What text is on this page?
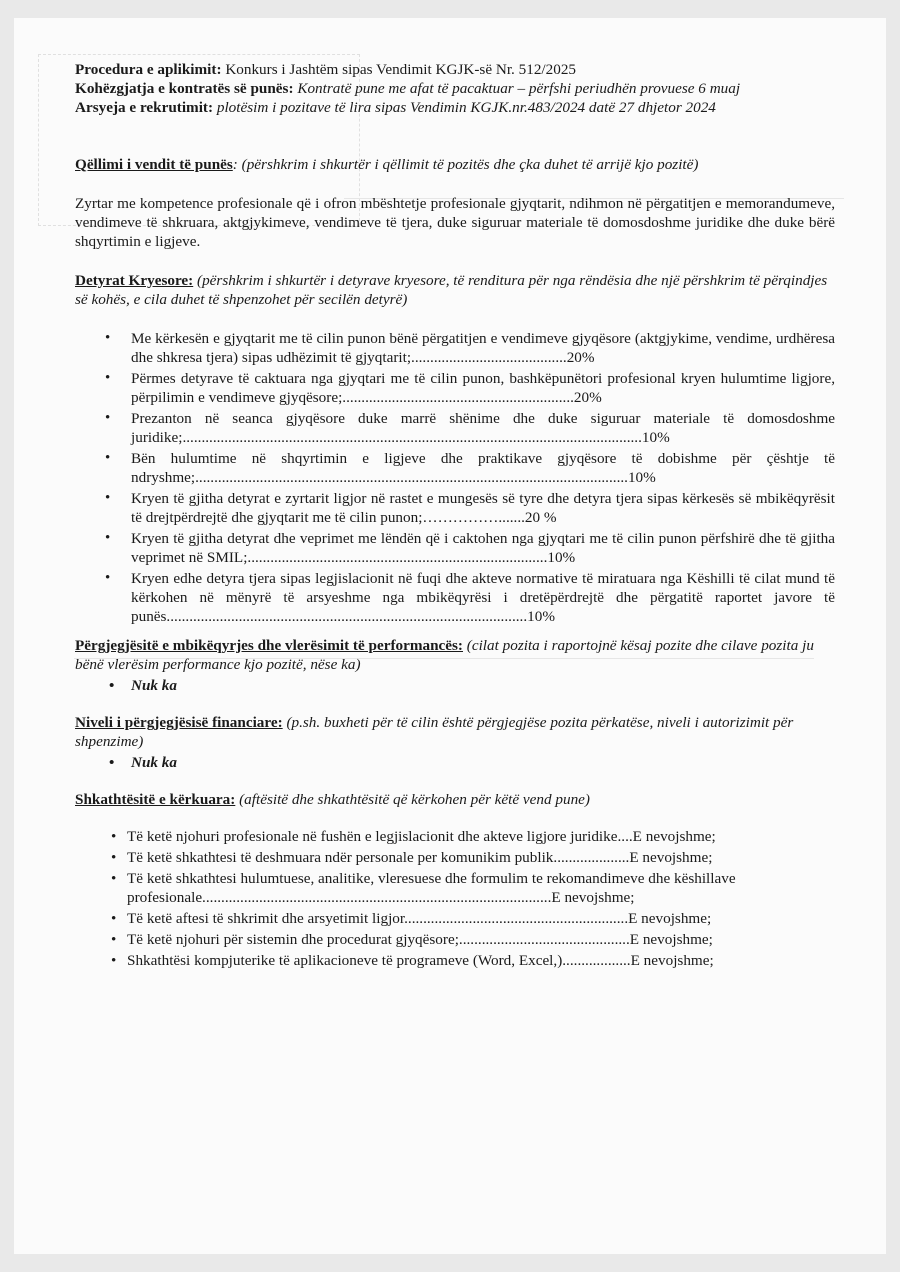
Procedura e aplikimit: Konkurs i Jashtëm sipas Vendimit KGJK-së Nr. 512/2025

Kohëzgjatja e kontratës së punës: Kontratë pune me afat të pacaktuar – përfshi periudhën provuese 6 muaj

Arsyeja e rekrutimit: plotësim i pozitave të lira sipas Vendimin KGJK.nr.483/2024 datë 27 dhjetor 2024

Qëllimi i vendit të punës: (përshkrim i shkurtër i qëllimit të pozitës dhe çka duhet të arrijë kjo pozitë)

Zyrtar me kompetence profesionale që i ofron mbështetje profesionale gjyqtarit, ndihmon në përgatitjen e memorandumeve, vendimeve të shkruara, aktgjykimeve, vendimeve të tjera, duke siguruar materiale të domosdoshme juridike dhe duke bërë shqyrtimin e ligjeve.

Detyrat Kryesore: (përshkrim i shkurtër i detyrave kryesore, të renditura për nga rëndësia dhe një përshkrim të përqindjes së kohës, e cila duhet të shpenzohet për secilën detyrë)

• Me kërkesën e gjyqtarit me të cilin punon bënë përgatitjen e vendimeve gjyqësore (aktgjykime, vendime, urdhëresa dhe shkresa tjera) sipas udhëzimit të gjyqtarit;.........................................20%
• Përmes detyrave të caktuara nga gjyqtari me të cilin punon, bashkëpunëtori profesional kryen hulumtime ligjore, përpilimin e vendimeve gjyqësore;.............................................................20%
• Prezanton në seanca gjyqësore duke marrë shënime dhe duke siguruar materiale të domosdoshme juridike;.........................................................................................................................10%
• Bën hulumtime në shqyrtimin e ligjeve dhe praktikave gjyqësore të dobishme për çështje të ndryshme;..................................................................................................................10%
• Kryen të gjitha detyrat e zyrtarit ligjor në rastet e mungesës së tyre dhe detyra tjera sipas kërkesës së mbikëqyrësit të drejtpërdrejtë dhe gjyqtarit me të cilin punon;…………….......20 %
• Kryen të gjitha detyrat dhe veprimet me lëndën që i caktohen nga gjyqtari me të cilin punon përfshirë dhe të gjitha veprimet në SMIL;...............................................................................10%
• Kryen edhe detyra tjera sipas legjislacionit në fuqi dhe akteve normative të miratuara nga Këshilli të cilat mund të kërkohen në mënyrë të arsyeshme nga mbikëqyrësi i dretëpërdrejtë dhe përgatitë raportet javore të punës...............................................................................................10%

Përgjegjësitë e mbikëqyrjes dhe vlerësimit të performancës: (cilat pozita i raportojnë kësaj pozite dhe cilave pozita ju bënë vlerësim performance kjo pozitë, nëse ka)

• Nuk ka

Niveli i përgjegjësisë financiare: (p.sh. buxheti për të cilin është përgjegjëse pozita përkatëse, niveli i autorizimit për shpenzime)

• Nuk ka

Shkathtësitë e kërkuara: (aftësitë dhe shkathtësitë që kërkohen për këtë vend pune)

• Të ketë njohuri profesionale në fushën e legjislacionit dhe akteve ligjore juridike....E nevojshme;
• Të ketë shkathtesi të deshmuara ndër personale per komunikim publik....................E nevojshme;
• Të ketë shkathtesi hulumtuese, analitike, vleresuese dhe formulim te rekomandimeve dhe këshillave profesionale............................................................................................E nevojshme;
• Të ketë aftesi të shkrimit dhe arsyetimit ligjor...........................................................E nevojshme;
• Të ketë njohuri për sistemin dhe procedurat gjyqësore;.............................................E nevojshme;
• Shkathtësi kompjuterike të aplikacioneve të programeve (Word, Excel,)..................E nevojshme;
